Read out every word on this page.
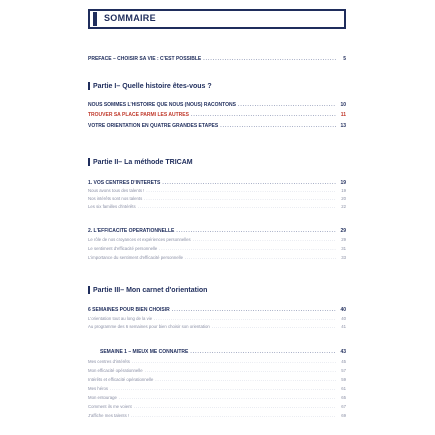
SOMMAIRE
PRÉFACE – CHOISIR SA VIE : C'EST POSSIBLE .....	5
Partie I – Quelle histoire êtes-vous ?
NOUS SOMMES L'HISTOIRE QUE NOUS (NOUS) RACONTONS .....	10
TROUVER SA PLACE PARMI LES AUTRES .....	11
VOTRE ORIENTATION EN QUATRE GRANDES ÉTAPES .....	13
Partie II – La méthode TRICAM
1. VOS CENTRES D'INTÉRÊTS .....	19
Nous avons tous des talents ! .....	19
Nos intérêts sont nos talents .....	20
Les six familles d'intérêts .....	22
2. L'EFFICACITÉ OPÉRATIONNELLE .....	29
Le rôle de nos croyances et expériences personnelles .....	29
Le sentiment d'efficacité personnelle .....	31
L'importance du sentiment d'efficacité personnelle .....	33
Partie III – Mon carnet d'orientation
6 SEMAINES POUR BIEN CHOISIR .....	40
L'orientation tout au long de la vie .....	40
Au programme des 6 semaines pour bien choisir son orientation .....	41
SEMAINE 1 – MIEUX ME CONNAÎTRE .....	43
Mes centres d'intérêts .....	45
Mon efficacité opérationnelle .....	57
Intérêts et efficacité opérationnelle .....	59
Mes héros .....	61
Mon entourage .....	65
Comment ils me voient .....	67
J'affiche mes talents ! .....	69
